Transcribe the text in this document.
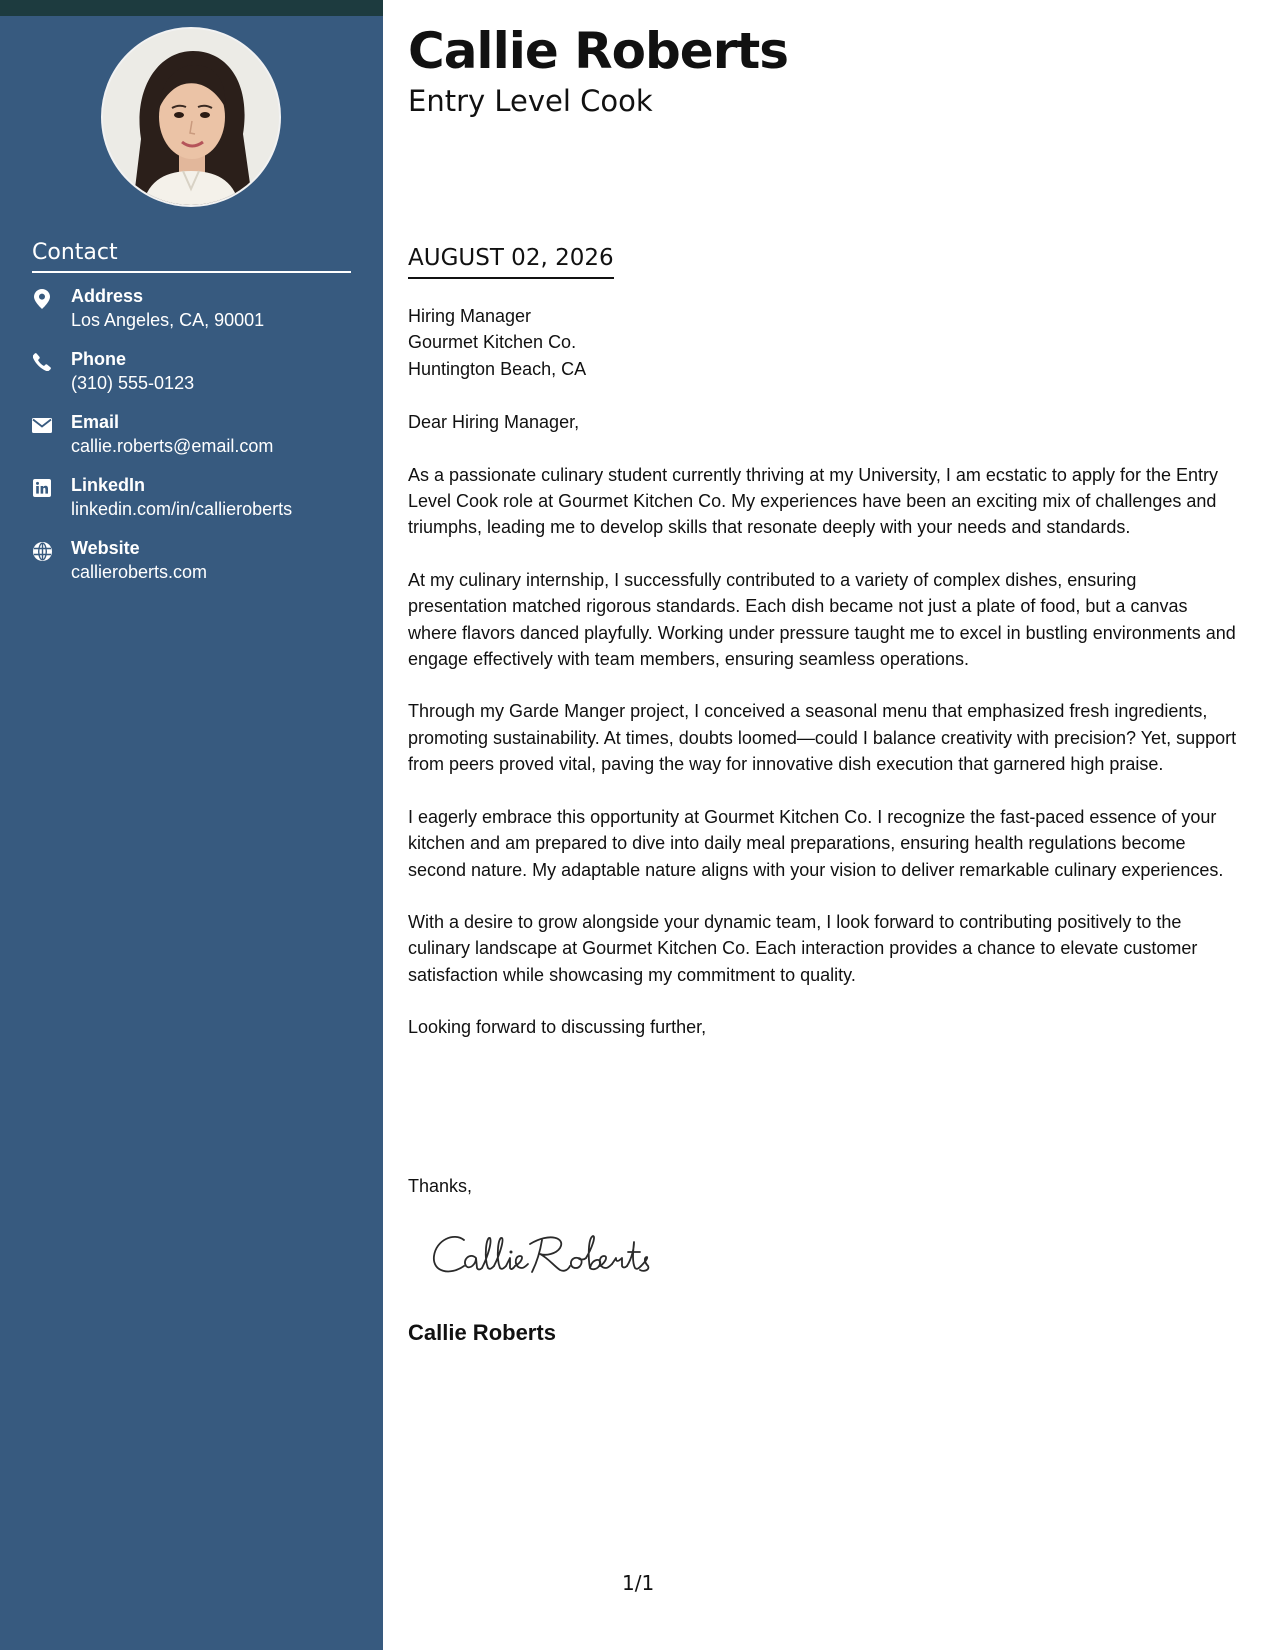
Contact
Address
Los Angeles, CA, 90001
Phone
(310) 555-0123
Email
callie.roberts@email.com
LinkedIn
linkedin.com/in/callieroberts
Website
callieroberts.com
Callie Roberts
Entry Level Cook
AUGUST 02, 2026

Hiring Manager

Gourmet Kitchen Co.

Huntington Beach, CA

Dear Hiring Manager,

As a passionate culinary student currently thriving at my University, I am ecstatic to apply for the Entry Level Cook role at Gourmet Kitchen Co. My experiences have been an exciting mix of challenges and triumphs, leading me to develop skills that resonate deeply with your needs and standards.

At my culinary internship, I successfully contributed to a variety of complex dishes, ensuring presentation matched rigorous standards. Each dish became not just a plate of food, but a canvas where flavors danced playfully. Working under pressure taught me to excel in bustling environments and engage effectively with team members, ensuring seamless operations.

Through my Garde Manger project, I conceived a seasonal menu that emphasized fresh ingredients, promoting sustainability. At times, doubts loomed—could I balance creativity with precision? Yet, support from peers proved vital, paving the way for innovative dish execution that garnered high praise.

I eagerly embrace this opportunity at Gourmet Kitchen Co. I recognize the fast-paced essence of your kitchen and am prepared to dive into daily meal preparations, ensuring health regulations become second nature. My adaptable nature aligns with your vision to deliver remarkable culinary experiences.

With a desire to grow alongside your dynamic team, I look forward to contributing positively to the culinary landscape at Gourmet Kitchen Co. Each interaction provides a chance to elevate customer satisfaction while showcasing my commitment to quality.

Looking forward to discussing further,

Thanks,
Callie Roberts
1/1
